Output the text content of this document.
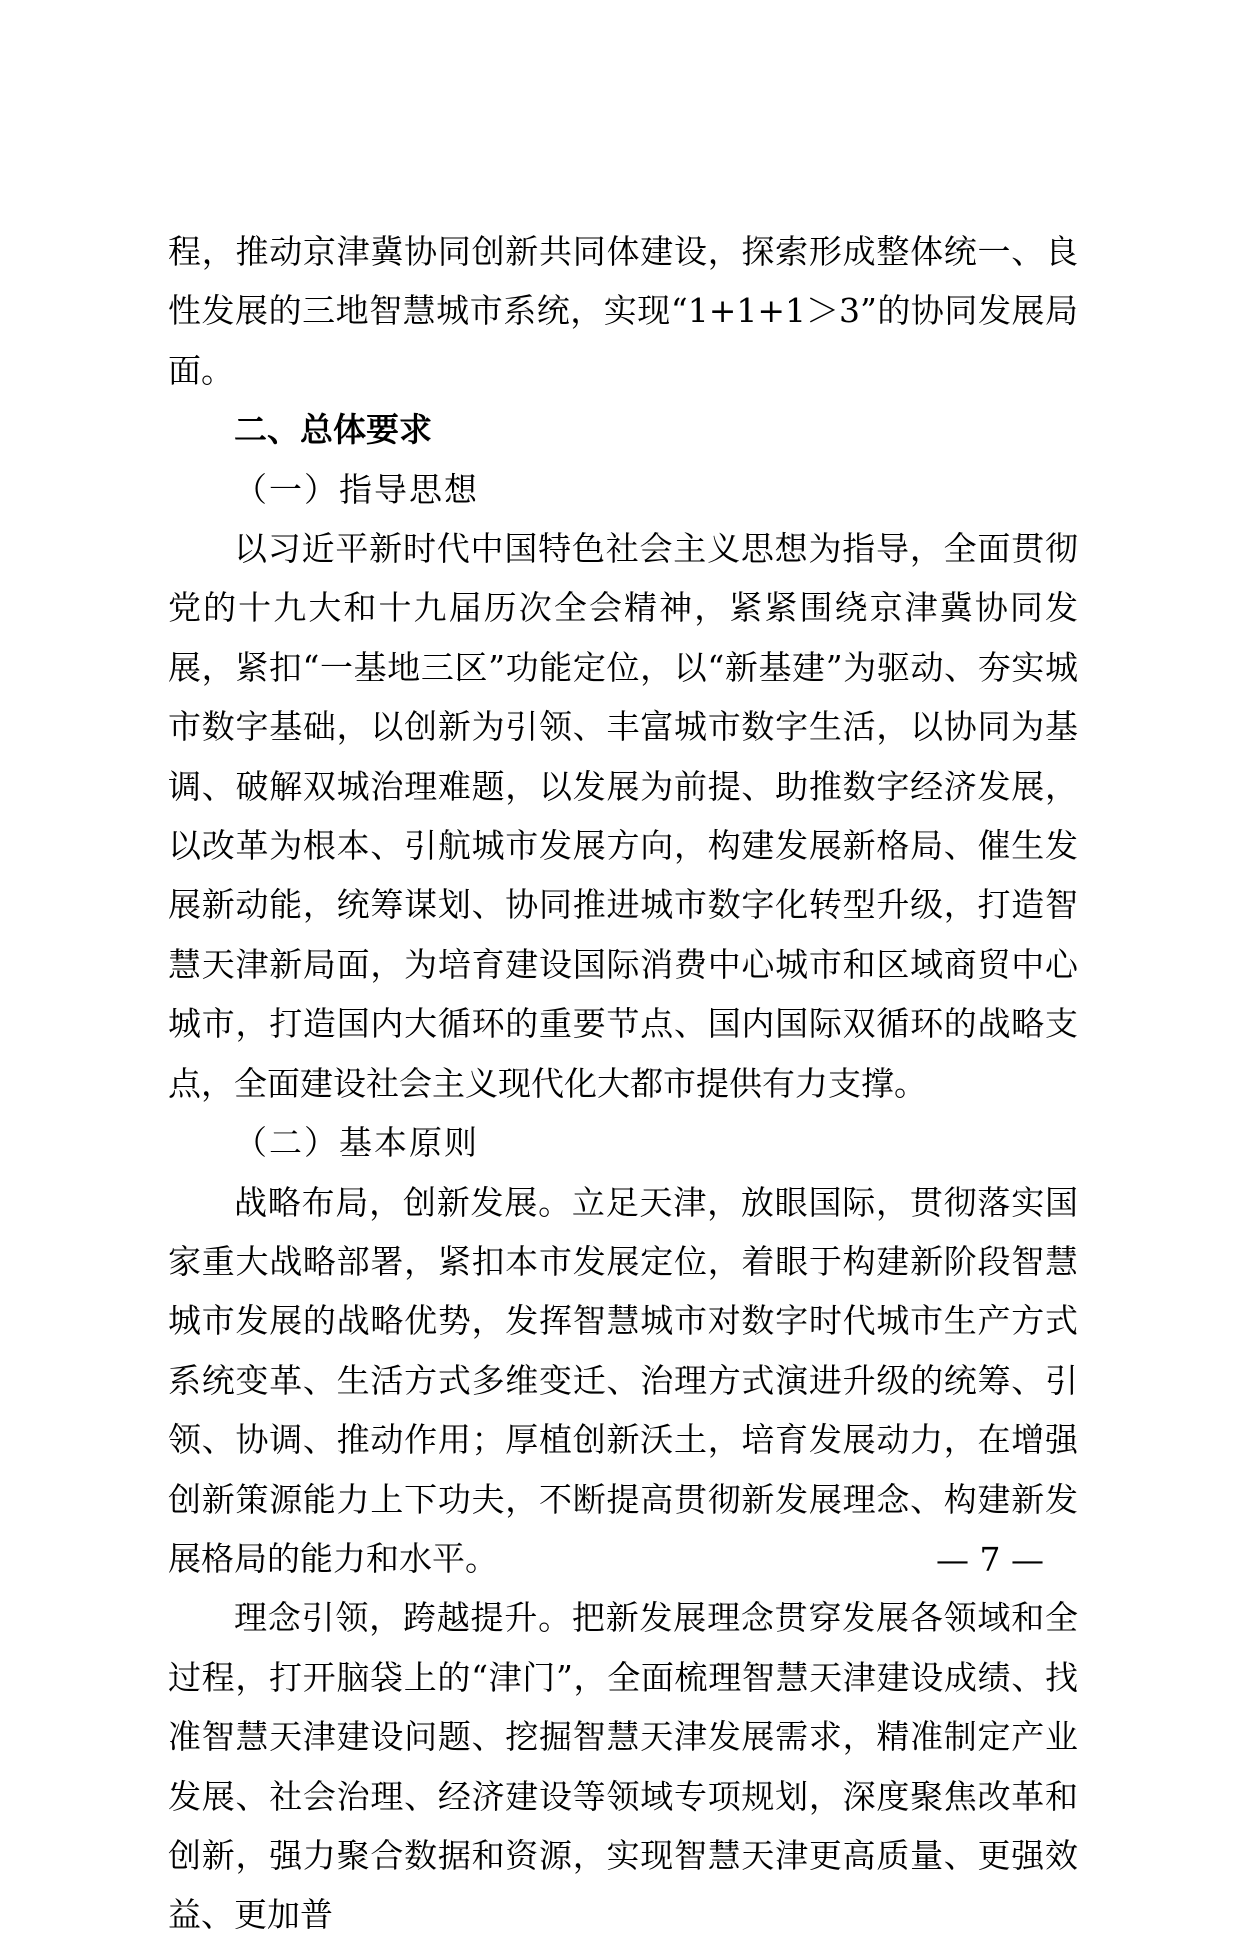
程，推动京津冀协同创新共同体建设，探索形成整体统一、良性发展的三地智慧城市系统，实现“1+1+1＞3”的协同发展局面。

二、总体要求

（一）指导思想

以习近平新时代中国特色社会主义思想为指导，全面贯彻党的十九大和十九届历次全会精神，紧紧围绕京津冀协同发展，紧扣“一基地三区”功能定位，以“新基建”为驱动、夯实城市数字基础，以创新为引领、丰富城市数字生活，以协同为基调、破解双城治理难题，以发展为前提、助推数字经济发展，以改革为根本、引航城市发展方向，构建发展新格局、催生发展新动能，统筹谋划、协同推进城市数字化转型升级，打造智慧天津新局面，为培育建设国际消费中心城市和区域商贸中心城市，打造国内大循环的重要节点、国内国际双循环的战略支点，全面建设社会主义现代化大都市提供有力支撑。

（二）基本原则

战略布局，创新发展。立足天津，放眼国际，贯彻落实国家重大战略部署，紧扣本市发展定位，着眼于构建新阶段智慧城市发展的战略优势，发挥智慧城市对数字时代城市生产方式系统变革、生活方式多维变迁、治理方式演进升级的统筹、引领、协调、推动作用；厚植创新沃土，培育发展动力，在增强创新策源能力上下功夫，不断提高贯彻新发展理念、构建新发展格局的能力和水平。

理念引领，跨越提升。把新发展理念贯穿发展各领域和全过程，打开脑袋上的“津门”，全面梳理智慧天津建设成绩、找准智慧天津建设问题、挖掘智慧天津发展需求，精准制定产业发展、社会治理、经济建设等领域专项规划，深度聚焦改革和创新，强力聚合数据和资源，实现智慧天津更高质量、更强效益、更加普

— 7 —
